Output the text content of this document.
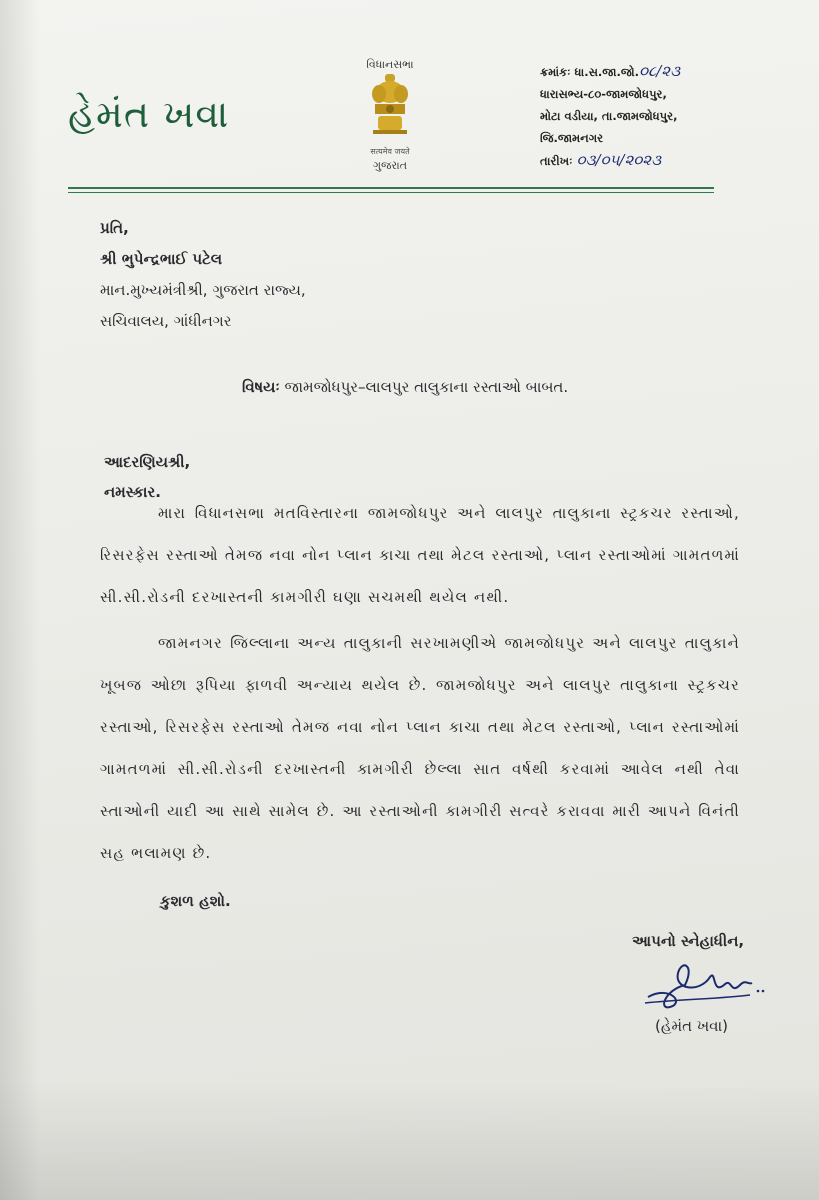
હેમંત ખવા
વિધાનસભા
सत्यमेव जयते
ગુજરાત
ક્રમાંકઃ ધા.સ.જા.જો.૦૮/૨૩
ધારાસભ્ય-૮૦-જામજોધપુર,
મોટા વડીયા, તા.જામજોધપુર,
જિ.જામનગર
તારીખઃ ૦૩/૦૫/૨૦૨૩
પ્રતિ,
શ્રી ભુપેન્દ્રભાઈ પટેલ
માન.મુખ્યમંત્રીશ્રી, ગુજરાત રાજ્ય,
સચિવાલય, ગાંધીનગર
વિષયઃ જામજોધપુર–લાલપુર તાલુકાના રસ્તાઓ બાબત.
આદરણિયશ્રી,
નમસ્કાર.
મારા વિધાનસભા મતવિસ્તારના જામજોધપુર અને લાલપુર તાલુકાના સ્ટ્રકચર રસ્તાઓ, રિસરફેસ રસ્તાઓ તેમજ નવા નોન પ્લાન કાચા તથા મેટલ રસ્તાઓ, પ્લાન રસ્તાઓમાં ગામતળમાં સી.સી.રોડની દરખાસ્તની કામગીરી ઘણા સચમથી થયેલ નથી.
જામનગર જિલ્લાના અન્ય તાલુકાની સરખામણીએ જામજોધપુર અને લાલપુર તાલુકાને ખૂબજ ઓછા રૂપિયા ફાળવી અન્યાય થયેલ છે. જામજોધપુર અને લાલપુર તાલુકાના સ્ટ્રકચર રસ્તાઓ, રિસરફેસ રસ્તાઓ તેમજ નવા નોન પ્લાન કાચા તથા મેટલ રસ્તાઓ, પ્લાન રસ્તાઓમાં ગામતળમાં સી.સી.રોડની દરખાસ્તની કામગીરી છેલ્લા સાત વર્ષથી કરવામાં આવેલ નથી તેવા સ્તાઓની યાદી આ સાથે સામેલ છે. આ રસ્તાઓની કામગીરી સત્વરે કરાવવા મારી આપને વિનંતી સહ ભલામણ છે.
કુશળ હશો.
આપનો સ્નેહાધીન,
(હેમંત ખવા)
